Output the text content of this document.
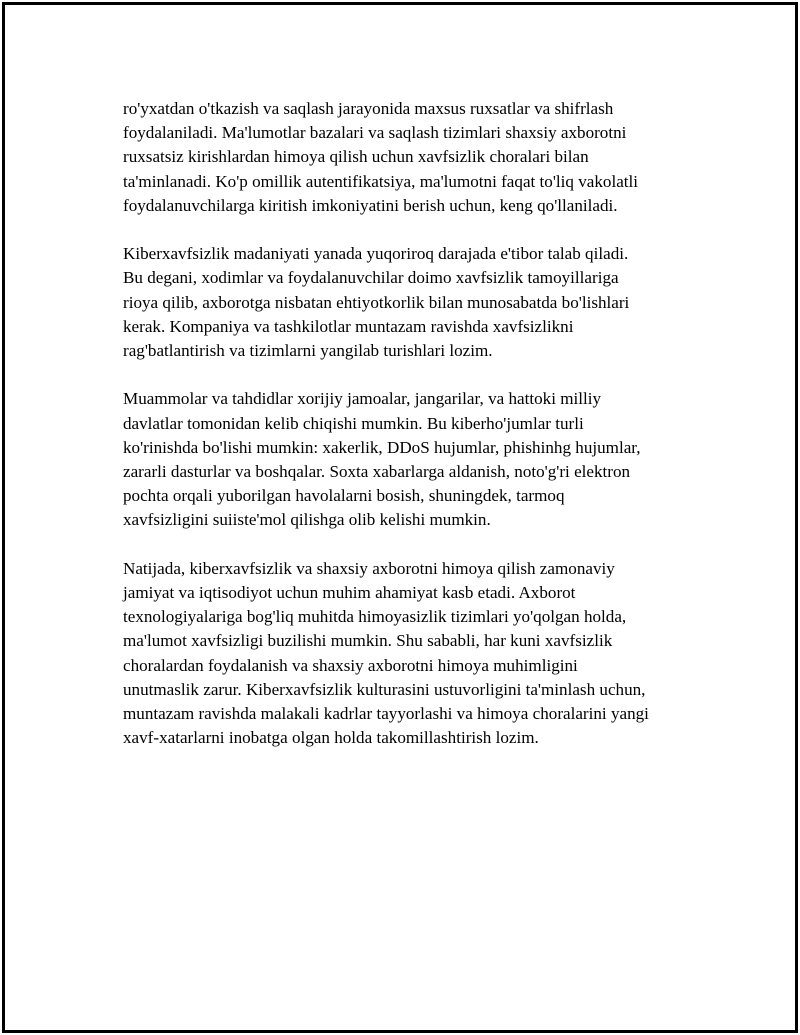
ro'yxatdan o'tkazish va saqlash jarayonida maxsus ruxsatlar va shifrlash
foydalaniladi. Ma'lumotlar bazalari va saqlash tizimlari shaxsiy axborotni
ruxsatsiz kirishlardan himoya qilish uchun xavfsizlik choralari bilan
ta'minlanadi. Ko'p omillik autentifikatsiya, ma'lumotni faqat to'liq vakolatli
foydalanuvchilarga kiritish imkoniyatini berish uchun, keng qo'llaniladi.

Kiberxavfsizlik madaniyati yanada yuqoriroq darajada e'tibor talab qiladi.
Bu degani, xodimlar va foydalanuvchilar doimo xavfsizlik tamoyillariga
rioya qilib, axborotga nisbatan ehtiyotkorlik bilan munosabatda bo'lishlari
kerak. Kompaniya va tashkilotlar muntazam ravishda xavfsizlikni
rag'batlantirish va tizimlarni yangilab turishlari lozim.

Muammolar va tahdidlar xorijiy jamoalar, jangarilar, va hattoki milliy
davlatlar tomonidan kelib chiqishi mumkin. Bu kiberho'jumlar turli
ko'rinishda bo'lishi mumkin: xakerlik, DDoS hujumlar, phishinhg hujumlar,
zararli dasturlar va boshqalar. Soxta xabarlarga aldanish, noto'g'ri elektron
pochta orqali yuborilgan havolalarni bosish, shuningdek, tarmoq
xavfsizligini suiiste'mol qilishga olib kelishi mumkin.

Natijada, kiberxavfsizlik va shaxsiy axborotni himoya qilish zamonaviy
jamiyat va iqtisodiyot uchun muhim ahamiyat kasb etadi. Axborot
texnologiyalariga bog'liq muhitda himoyasizlik tizimlari yo'qolgan holda,
ma'lumot xavfsizligi buzilishi mumkin. Shu sababli, har kuni xavfsizlik
choralardan foydalanish va shaxsiy axborotni himoya muhimligini
unutmaslik zarur. Kiberxavfsizlik kulturasini ustuvorligini ta'minlash uchun,
muntazam ravishda malakali kadrlar tayyorlashi va himoya choralarini yangi
xavf-xatarlarni inobatga olgan holda takomillashtirish lozim.
